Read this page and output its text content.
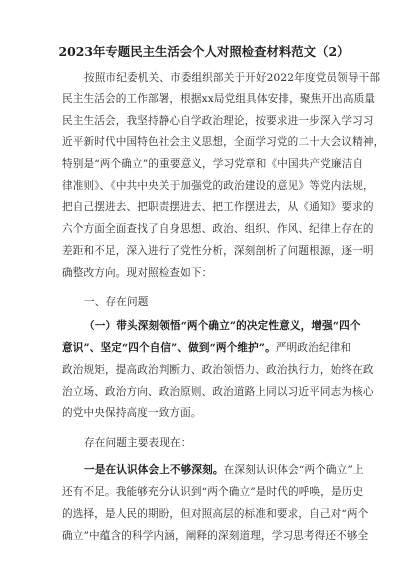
2023年专题民主生活会个人对照检查材料范文（2）
按照市纪委机关、市委组织部关于开好2022年度党员领导干部
民主生活会的工作部署，根据xx局党组具体安排，聚焦开出高质量
民主生活会，我坚持静心自学政治理论，按要求进一步深入学习习
近平新时代中国特色社会主义思想，全面学习党的二十大会议精神，
特别是“两个确立”的重要意义，学习党章和《中国共产党廉洁自
律准则》、《中共中央关于加强党的政治建设的意见》等党内法规，
把自己摆进去、把职责摆进去、把工作摆进去，从《通知》要求的
六个方面全面查找了自身思想、政治、组织、作风、纪律上存在的
差距和不足，深入进行了党性分析，深刻剖析了问题根源，逐一明
确整改方向。现对照检查如下：
一、存在问题
（一）带头深刻领悟“两个确立”的决定性意义，增强“四个
意识”、坚定“四个自信”、做到“两个维护”。严明政治纪律和
政治规矩，提高政治判断力、政治领悟力、政治执行力，始终在政
治立场、政治方向、政治原则、政治道路上同以习近平同志为核心
的党中央保持高度一致方面。
存在问题主要表现在：
一是在认识体会上不够深刻。在深刻认识体会“两个确立”上
还有不足。我能够充分认识到“两个确立”是时代的呼唤，是历史
的选择，是人民的期盼，但对照高层的标准和要求，自己对“两个
确立”中蕴含的科学内涵，阐释的深刻道理，学习思考得还不够全
